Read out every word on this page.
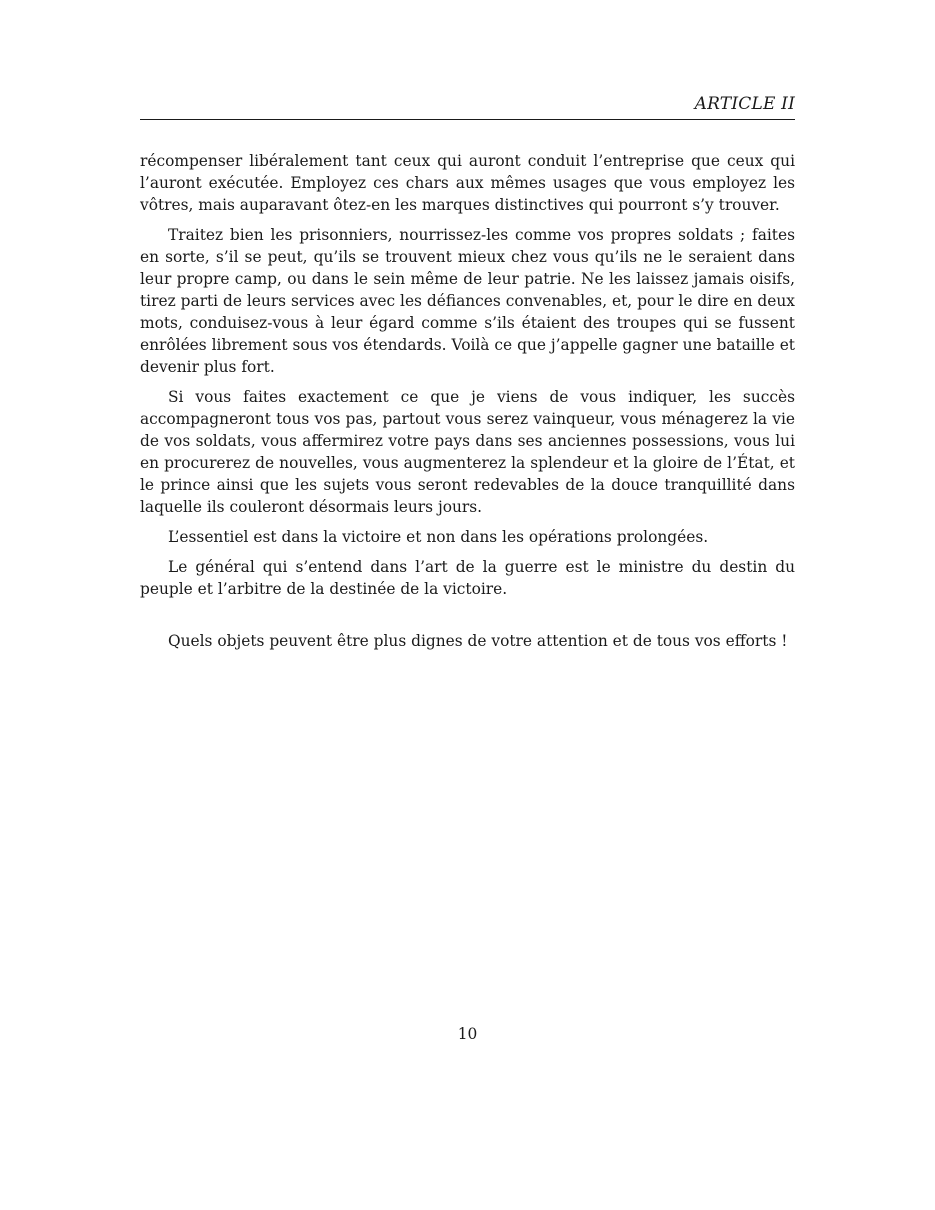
ARTICLE II

récompenser libéralement tant ceux qui auront conduit l’entreprise que ceux qui l’auront exécutée. Employez ces chars aux mêmes usages que vous employez les vôtres, mais auparavant ôtez-en les marques distinctives qui pourront s’y trouver.

Traitez bien les prisonniers, nourrissez-les comme vos propres soldats ; faites en sorte, s’il se peut, qu’ils se trouvent mieux chez vous qu’ils ne le seraient dans leur propre camp, ou dans le sein même de leur patrie. Ne les laissez jamais oisifs, tirez parti de leurs services avec les défiances convenables, et, pour le dire en deux mots, conduisez-vous à leur égard comme s’ils étaient des troupes qui se fussent enrôlées librement sous vos étendards. Voilà ce que j’appelle gagner une bataille et devenir plus fort.

Si vous faites exactement ce que je viens de vous indiquer, les succès accompagneront tous vos pas, partout vous serez vainqueur, vous ménagerez la vie de vos soldats, vous affermirez votre pays dans ses anciennes possessions, vous lui en procurerez de nouvelles, vous augmenterez la splendeur et la gloire de l’État, et le prince ainsi que les sujets vous seront redevables de la douce tranquillité dans laquelle ils couleront désormais leurs jours.

L’essentiel est dans la victoire et non dans les opérations prolongées.

Le général qui s’entend dans l’art de la guerre est le ministre du destin du peuple et l’arbitre de la destinée de la victoire.

Quels objets peuvent être plus dignes de votre attention et de tous vos efforts !

10
